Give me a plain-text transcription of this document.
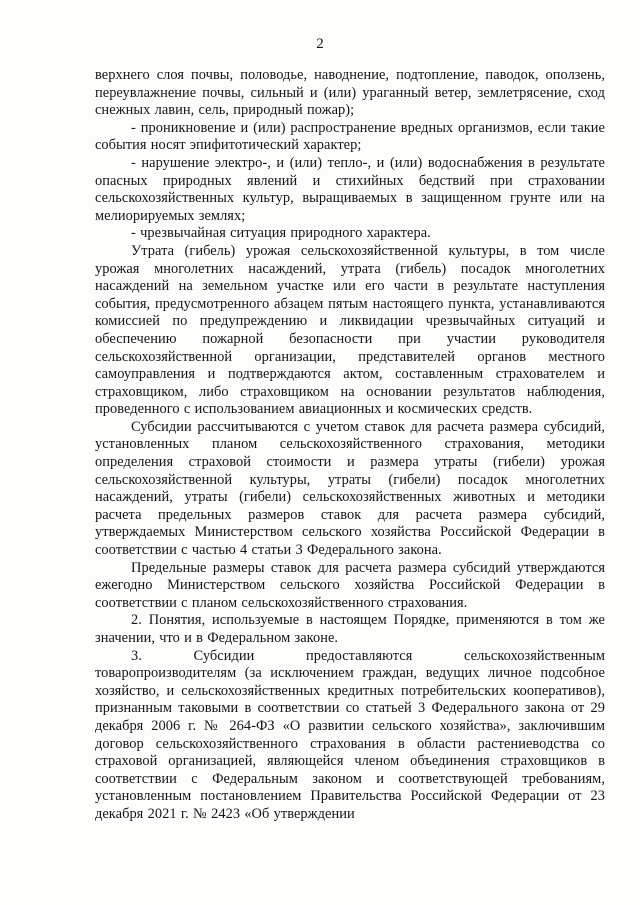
2

верхнего слоя почвы, половодье, наводнение, подтопление, паводок, оползень, переувлажнение почвы, сильный и (или) ураганный ветер, землетрясение, сход снежных лавин, сель, природный пожар);

- проникновение и (или) распространение вредных организмов, если такие события носят эпифитотический характер;

- нарушение электро-, и (или) тепло-, и (или) водоснабжения в результате опасных природных явлений и стихийных бедствий при страховании сельскохозяйственных культур, выращиваемых в защищенном грунте или на мелиорируемых землях;

- чрезвычайная ситуация природного характера.

Утрата (гибель) урожая сельскохозяйственной культуры, в том числе урожая многолетних насаждений, утрата (гибель) посадок многолетних насаждений на земельном участке или его части в результате наступления события, предусмотренного абзацем пятым настоящего пункта, устанавливаются комиссией по предупреждению и ликвидации чрезвычайных ситуаций и обеспечению пожарной безопасности при участии руководителя сельскохозяйственной организации, представителей органов местного самоуправления и подтверждаются актом, составленным страхователем и страховщиком, либо страховщиком на основании результатов наблюдения, проведенного с использованием авиационных и космических средств.

Субсидии рассчитываются с учетом ставок для расчета размера субсидий, установленных планом сельскохозяйственного страхования, методики определения страховой стоимости и размера утраты (гибели) урожая сельскохозяйственной культуры, утраты (гибели) посадок многолетних насаждений, утраты (гибели) сельскохозяйственных животных и методики расчета предельных размеров ставок для расчета размера субсидий, утверждаемых Министерством сельского хозяйства Российской Федерации в соответствии с частью 4 статьи 3 Федерального закона.

Предельные размеры ставок для расчета размера субсидий утверждаются ежегодно Министерством сельского хозяйства Российской Федерации в соответствии с планом сельскохозяйственного страхования.

2. Понятия, используемые в настоящем Порядке, применяются в том же значении, что и в Федеральном законе.

3. Субсидии предоставляются сельскохозяйственным товаропроизводителям (за исключением граждан, ведущих личное подсобное хозяйство, и сельскохозяйственных кредитных потребительских кооперативов), признанным таковыми в соответствии со статьей 3 Федерального закона от 29 декабря 2006 г. № 264-ФЗ «О развитии сельского хозяйства», заключившим договор сельскохозяйственного страхования в области растениеводства со страховой организацией, являющейся членом объединения страховщиков в соответствии с Федеральным законом и соответствующей требованиям, установленным постановлением Правительства Российской Федерации от 23 декабря 2021 г. № 2423 «Об утверждении
